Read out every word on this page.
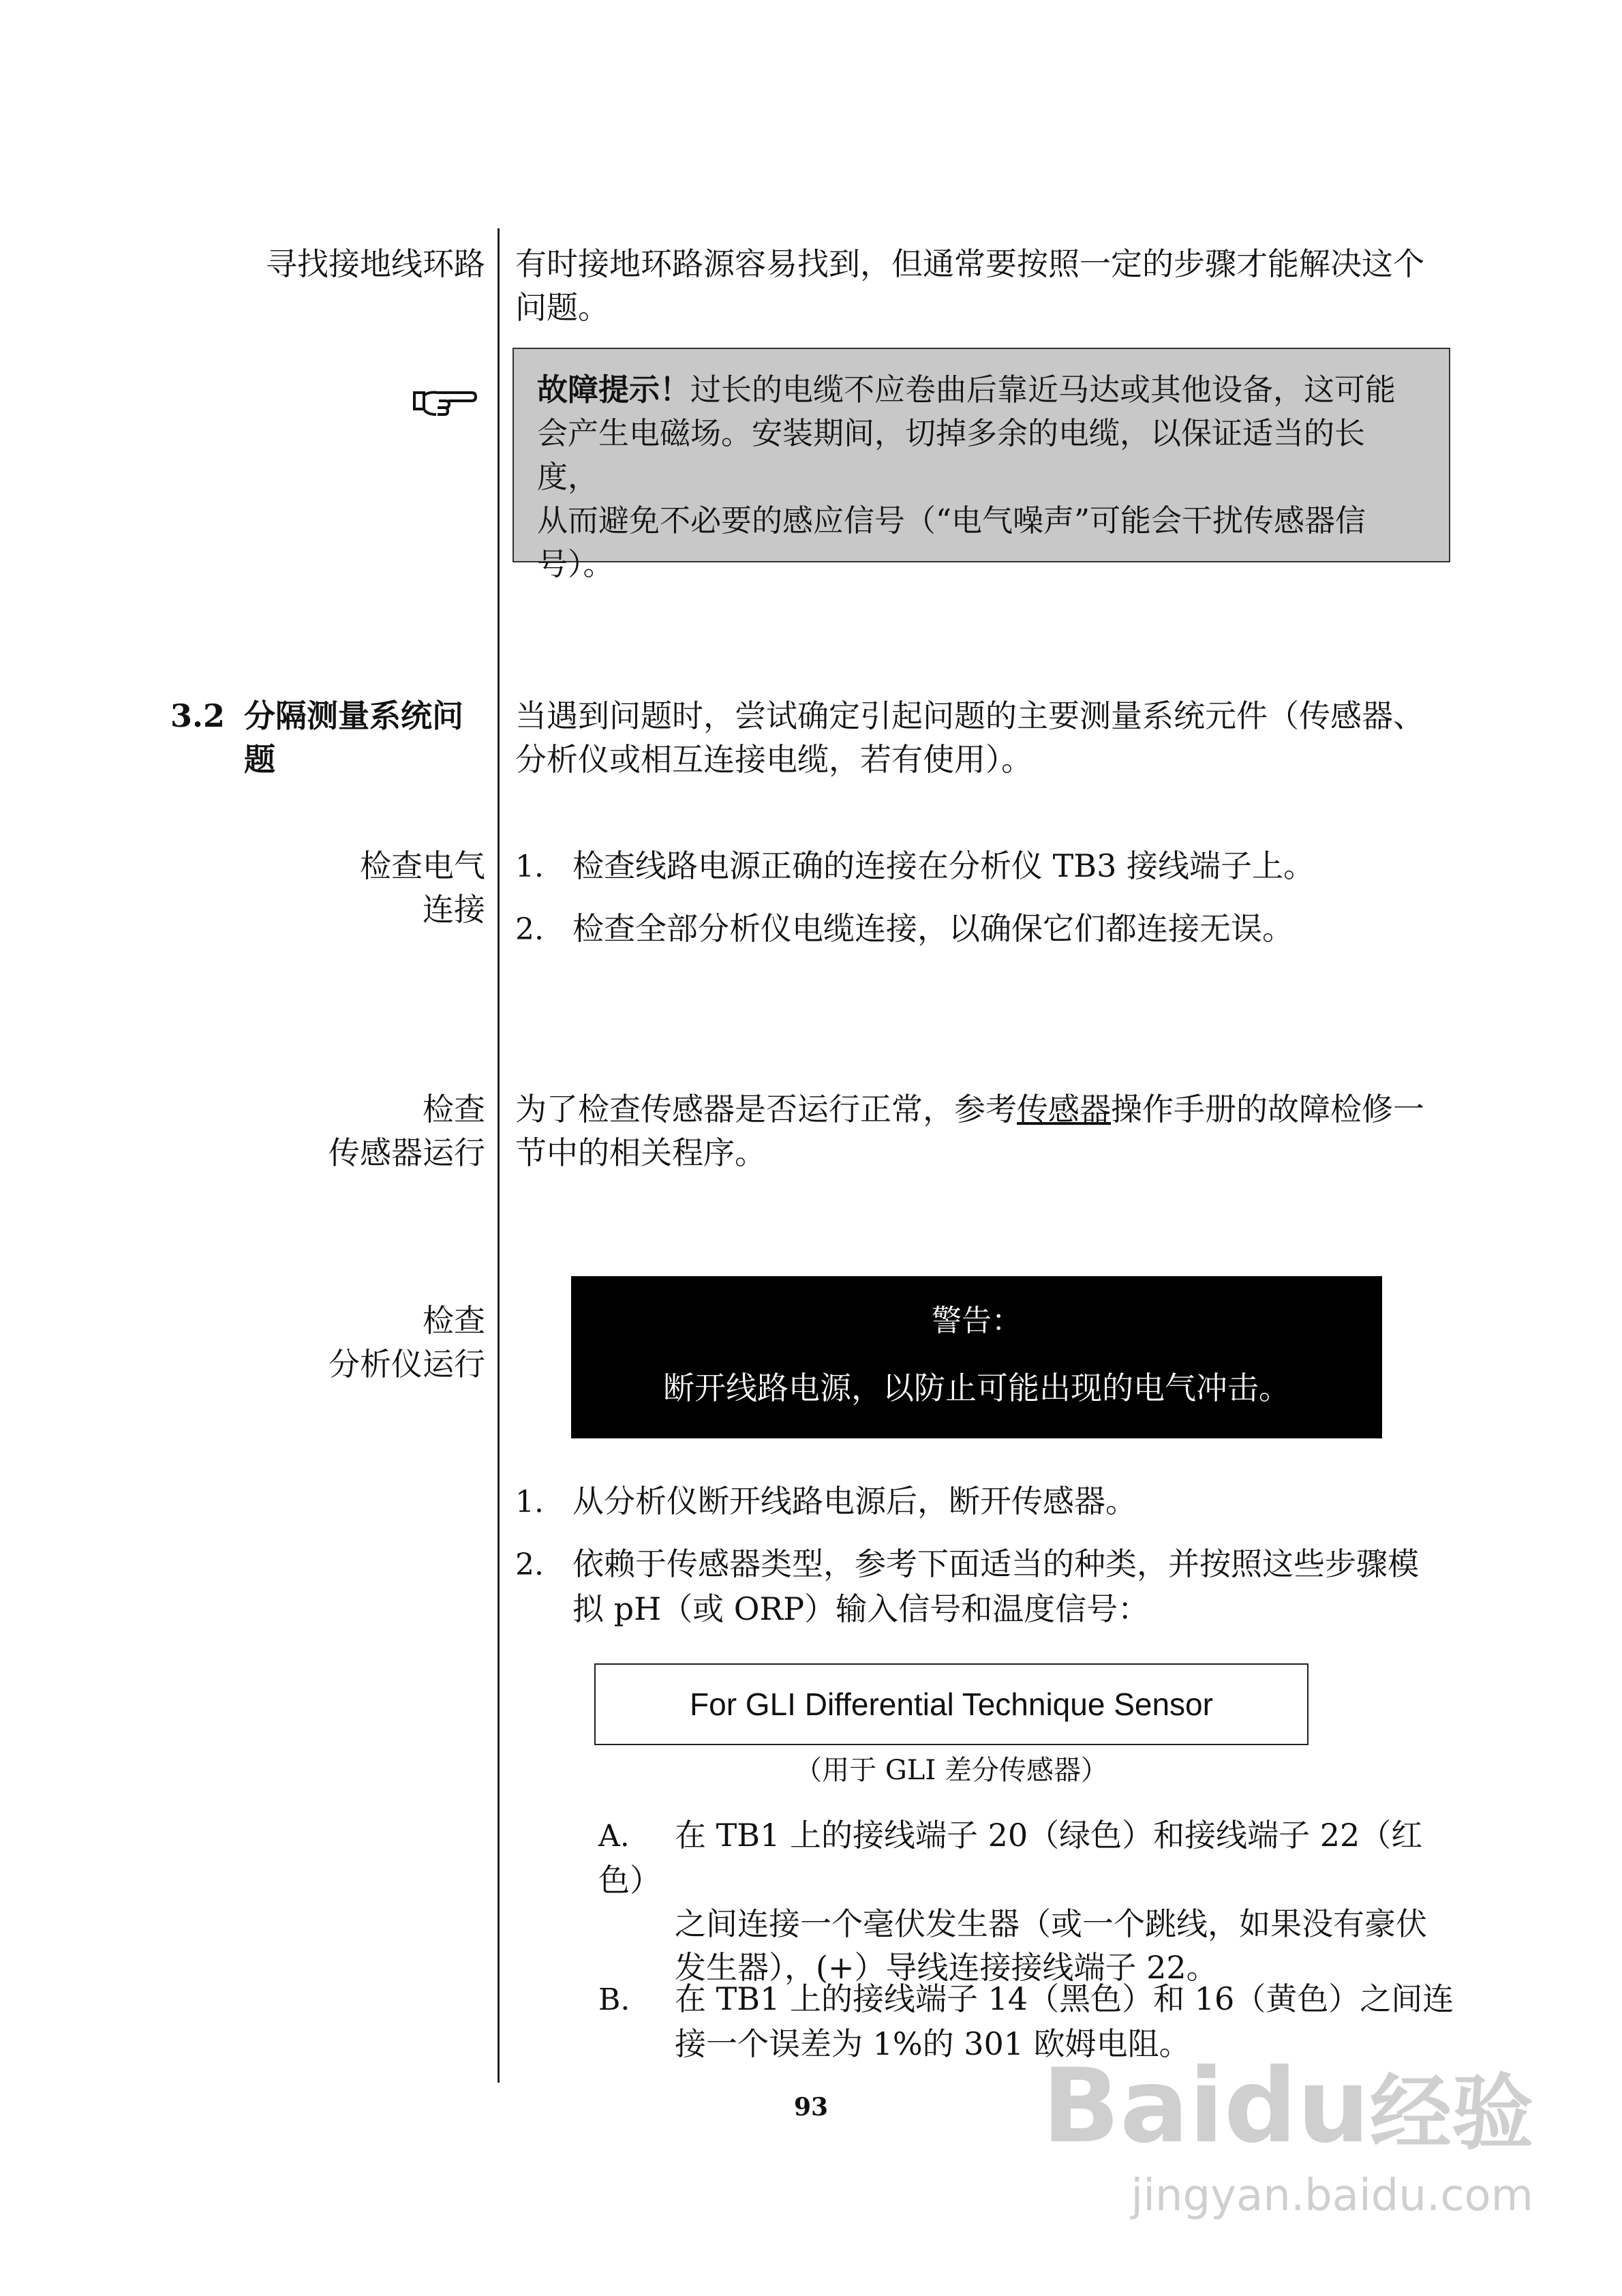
寻找接地线环路 有时接地环路源容易找到，但通常要按照一定的步骤才能解决这个
问题。
故障提示！过长的电缆不应卷曲后靠近马达或其他设备，这可能
会产生电磁场。安装期间，切掉多余的电缆，以保证适当的长度，
从而避免不必要的感应信号（“电气噪声”可能会干扰传感器信
号）。
3.2 分隔测量系统问
题
当遇到问题时，尝试确定引起问题的主要测量系统元件（传感器、
分析仪或相互连接电缆，若有使用）。
检查电气
连接
1. 检查线路电源正确的连接在分析仪 TB3 接线端子上。
2. 检查全部分析仪电缆连接，以确保它们都连接无误。
检查
传感器运行
为了检查传感器是否运行正常，参考传感器操作手册的故障检修一
节中的相关程序。
检查
分析仪运行
警告：
断开线路电源，以防止可能出现的电气冲击。
1. 从分析仪断开线路电源后，断开传感器。
2. 依赖于传感器类型，参考下面适当的种类，并按照这些步骤模
拟 pH（或 ORP）输入信号和温度信号：
For GLI Differential Technique Sensor
（用于 GLI 差分传感器）
A. 在 TB1 上的接线端子 20（绿色）和接线端子 22（红色）
之间连接一个毫伏发生器（或一个跳线，如果没有豪伏
发生器），(+）导线连接接线端子 22。
B. 在 TB1 上的接线端子 14（黑色）和 16（黄色）之间连
接一个误差为 1%的 301 欧姆电阻。
93 Baidu经验
jingyan.baidu.com
